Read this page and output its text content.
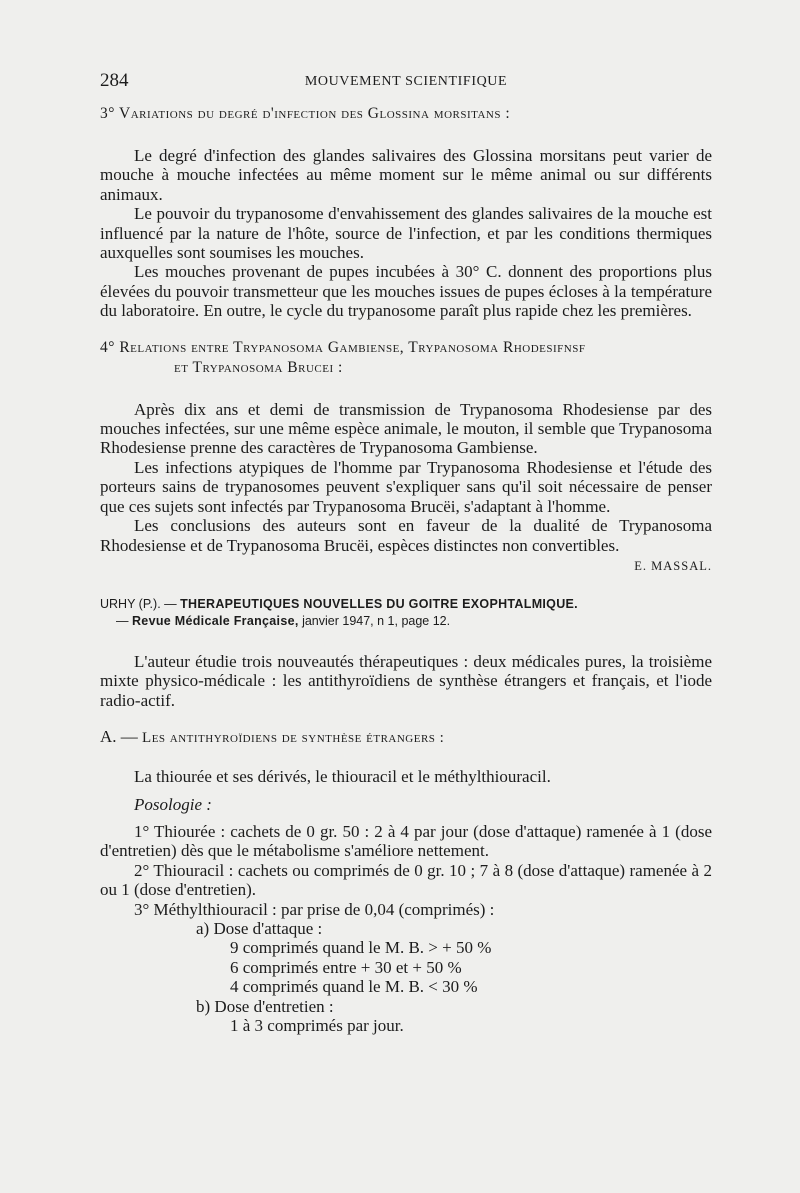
284	MOUVEMENT SCIENTIFIQUE
3° Variations du degré d'infection des Glossina morsitans :

Le degré d'infection des glandes salivaires des Glossina morsitans peut varier de mouche à mouche infectées au même moment sur le même animal ou sur différents animaux.

Le pouvoir du trypanosome d'envahissement des glandes salivaires de la mouche est influencé par la nature de l'hôte, source de l'infection, et par les conditions thermiques auxquelles sont soumises les mouches.

Les mouches provenant de pupes incubées à 30° C. donnent des proportions plus élevées du pouvoir transmetteur que les mouches issues de pupes écloses à la température du laboratoire. En outre, le cycle du trypanosome paraît plus rapide chez les premières.

4° Relations entre Trypanosoma Gambiense, Trypanosoma Rhodesifnsf
et Trypanosoma Brucei :

Après dix ans et demi de transmission de Trypanosoma Rhodesiense par des mouches infectées, sur une même espèce animale, le mouton, il semble que Trypanosoma Rhodesiense prenne des caractères de Trypanosoma Gambiense.

Les infections atypiques de l'homme par Trypanosoma Rhodesiense et l'étude des porteurs sains de trypanosomes peuvent s'expliquer sans qu'il soit nécessaire de penser que ces sujets sont infectés par Trypanosoma Brucëi, s'adaptant à l'homme.

Les conclusions des auteurs sont en faveur de la dualité de Trypanosoma Rhodesiense et de Trypanosoma Brucëi, espèces distinctes non convertibles.

E. MASSAL.
URHY (P.). — THERAPEUTIQUES NOUVELLES DU GOITRE EXOPHTALMIQUE.
— Revue Médicale Française, janvier 1947, n 1, page 12.

L'auteur étudie trois nouveautés thérapeutiques : deux médicales pures, la troisième mixte physico-médicale : les antithyroïdiens de synthèse étrangers et français, et l'iode radio-actif.

A. — Les antithyroïdiens de synthèse étrangers :
La thiourée et ses dérivés, le thiouracil et le méthylthiouracil.
Posologie :

1° Thiourée : cachets de 0 gr. 50 : 2 à 4 par jour (dose d'attaque) ramenée à 1 (dose d'entretien) dès que le métabolisme s'améliore nettement.

2° Thiouracil : cachets ou comprimés de 0 gr. 10 ; 7 à 8 (dose d'attaque) ramenée à 2 ou 1 (dose d'entretien).

3° Méthylthiouracil : par prise de 0,04 (comprimés) :

a) Dose d'attaque :

9 comprimés quand le M. B. > + 50 %

6 comprimés entre + 30 et + 50 %

4 comprimés quand le M. B. < 30 %

b) Dose d'entretien :

1 à 3 comprimés par jour.
